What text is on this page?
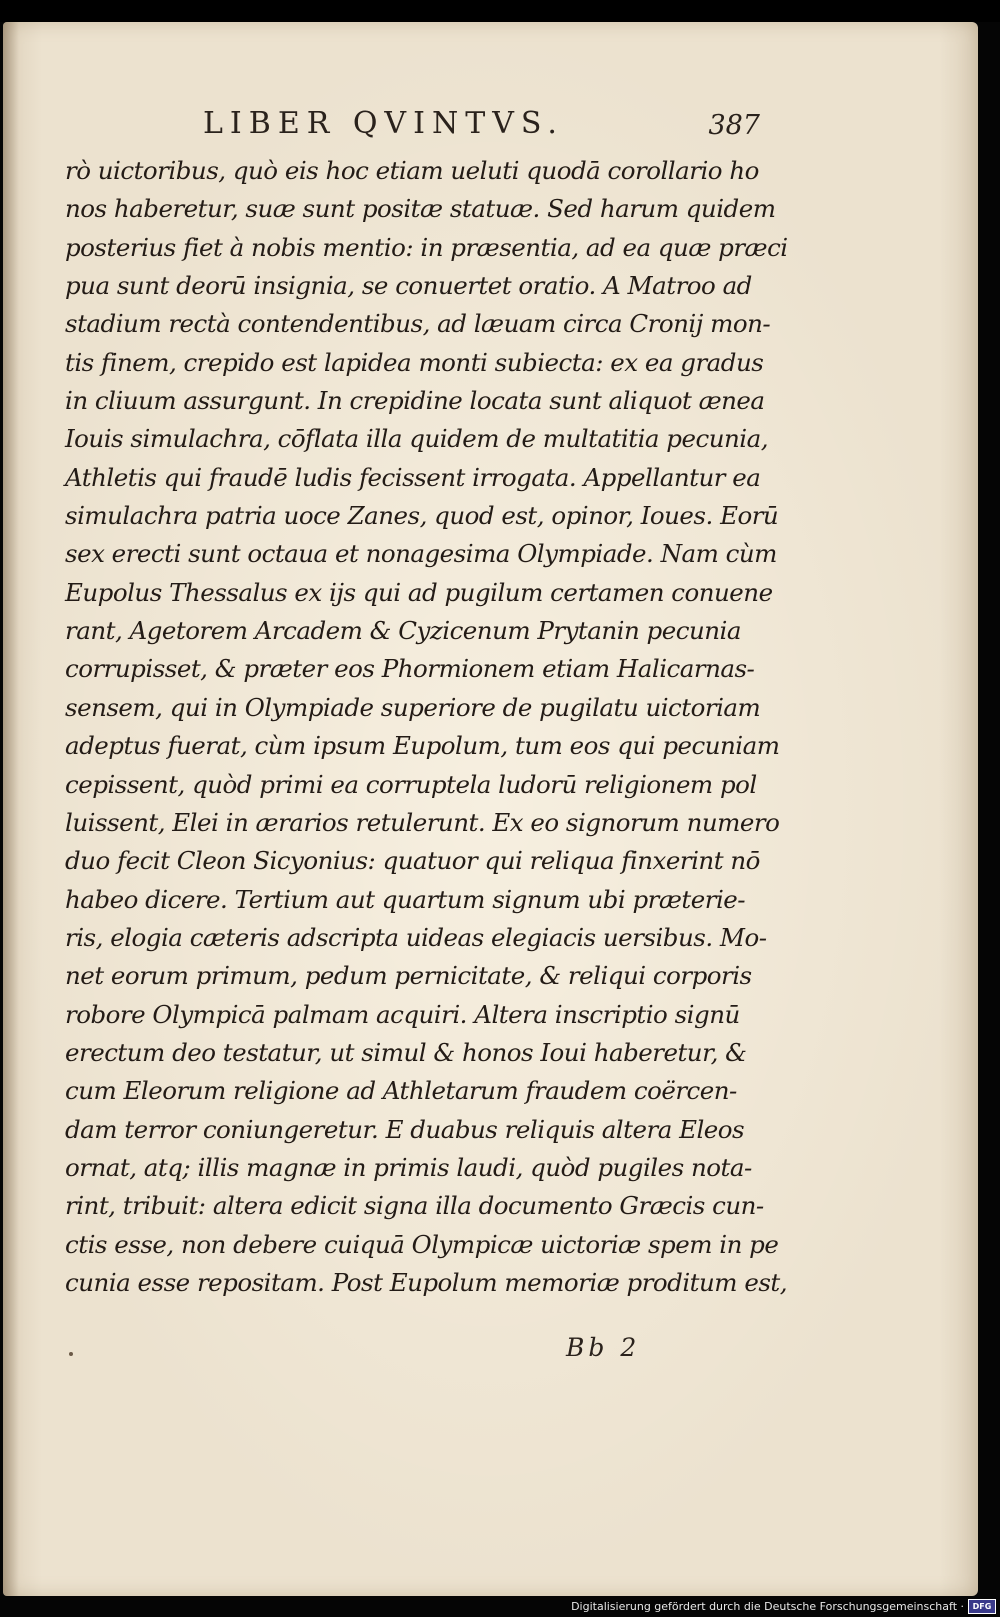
LIBER QVINTVS.	387
rò uictoribus, quò eis hoc etiam ueluti quodā corollario ho
nos haberetur, suæ sunt positæ statuæ. Sed harum quidem
posterius fiet à nobis mentio: in præsentia, ad ea quæ præci
pua sunt deorū insignia, se conuertet oratio. A Matroo ad
stadium rectà contendentibus, ad læuam circa Cronij mon-
tis finem, crepido est lapidea monti subiecta: ex ea gradus
in cliuum assurgunt. In crepidine locata sunt aliquot ænea
Iouis simulachra, cōflata illa quidem de multatitia pecunia,
Athletis qui fraudē ludis fecissent irrogata. Appellantur ea
simulachra patria uoce Zanes, quod est, opinor, Ioues. Eorū
sex erecti sunt octaua et nonagesima Olympiade. Nam cùm
Eupolus Thessalus ex ijs qui ad pugilum certamen conuene
rant, Agetorem Arcadem & Cyzicenum Prytanin pecunia
corrupisset, & præter eos Phormionem etiam Halicarnas-
sensem, qui in Olympiade superiore de pugilatu uictoriam
adeptus fuerat, cùm ipsum Eupolum, tum eos qui pecuniam
cepissent, quòd primi ea corruptela ludorū religionem pol
luissent, Elei in ærarios retulerunt. Ex eo signorum numero
duo fecit Cleon Sicyonius: quatuor qui reliqua finxerint nō
habeo dicere. Tertium aut quartum signum ubi præterie-
ris, elogia cæteris adscripta uideas elegiacis uersibus. Mo-
net eorum primum, pedum pernicitate, & reliqui corporis
robore Olympicā palmam acquiri. Altera inscriptio signū
erectum deo testatur, ut simul & honos Ioui haberetur, &
cum Eleorum religione ad Athletarum fraudem coërcen-
dam terror coniungeretur. E duabus reliquis altera Eleos
ornat, atq; illis magnæ in primis laudi, quòd pugiles nota-
rint, tribuit: altera edicit signa illa documento Græcis cun-
ctis esse, non debere cuiquā Olympicæ uictoriæ spem in pe
cunia esse repositam. Post Eupolum memoriæ proditum est,
Bb 2
Digitalisierung gefördert durch die Deutsche Forschungsgemeinschaft ·	DFG
